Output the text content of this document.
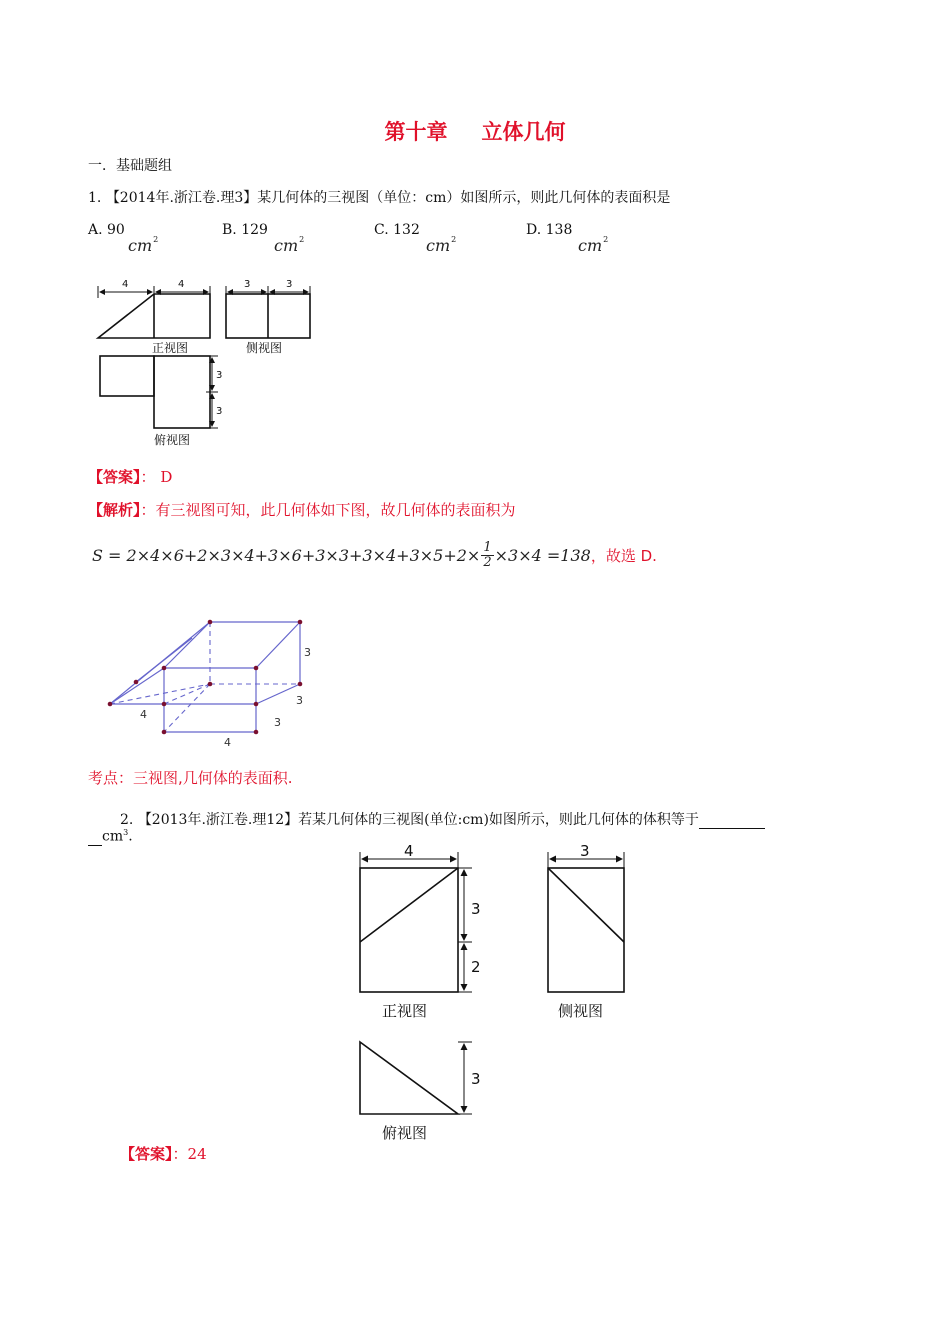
第十章 立体几何
一．基础题组
1. 【2014年.浙江卷.理3】某几何体的三视图（单位：cm）如图所示，则此几何体的表面积是
A. 90
$cm^2$
B. 129
$cm^2$
C. 132
$cm^2$
D. 138
$cm^2$
4	4	3	3
3
3
正视图	侧视图
俯视图
【答案】： D
【解析】：有三视图可知，此几何体如下图，故几何体的表面积为
$S = 2\times 4\times 6+2\times 3\times 4+3\times 6+3\times 3+3\times 4+3\times 5+2\times \frac{1}{2} \times 3\times 4 =138$ ，故选 D.
3
3
3
4
4
考点：三视图,几何体的表面积.
2. 【2013年.浙江卷.理12】若某几何体的三视图(单位:cm)如图所示，则此几何体的体积等于
$cm^3$.
4	3
3
2
3
正视图	侧视图
俯视图
【答案】：24
